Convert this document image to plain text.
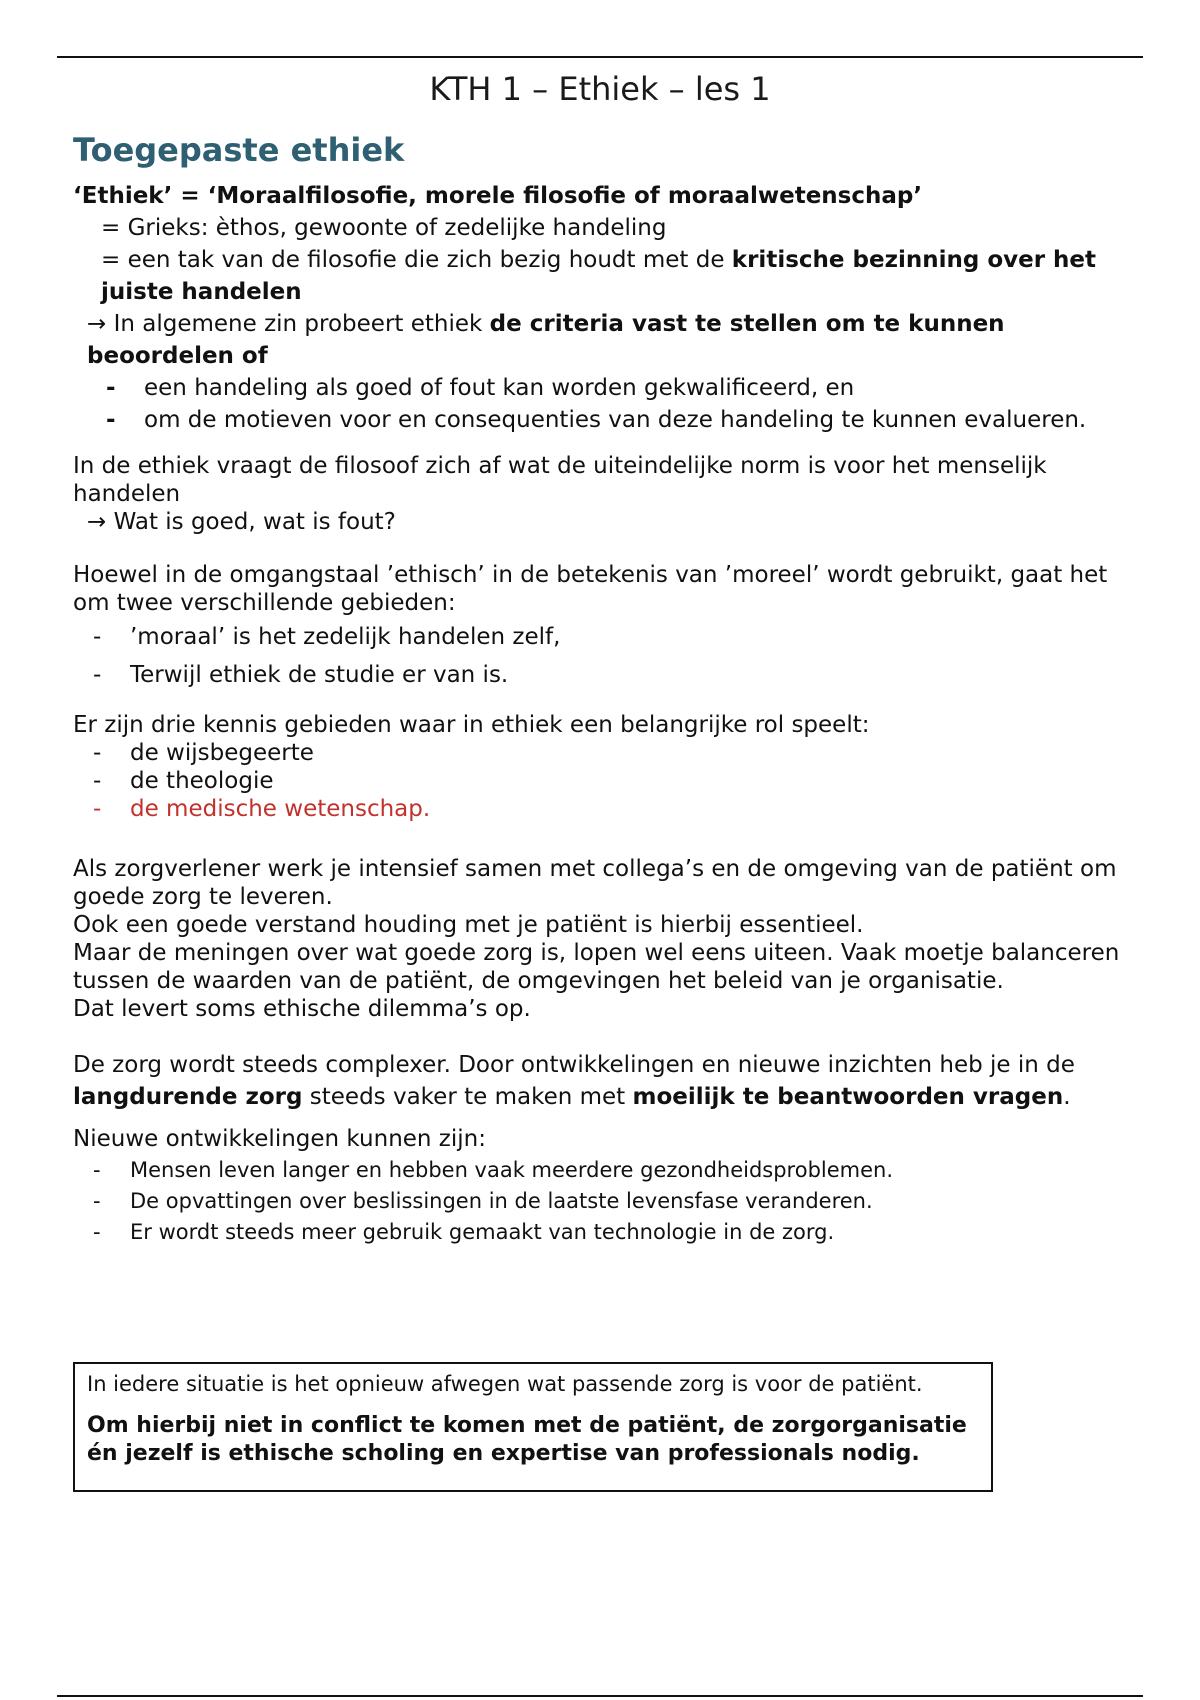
KTH 1 – Ethiek – les 1
Toegepaste ethiek

‘Ethiek’ = ‘Moraalfilosofie, morele filosofie of moraalwetenschap’

= Grieks: èthos, gewoonte of zedelijke handeling

= een tak van de filosofie die zich bezig houdt met de kritische bezinning over het juiste handelen

→ In algemene zin probeert ethiek de criteria vast te stellen om te kunnen beoordelen of

- een handeling als goed of fout kan worden gekwalificeerd, en
- om de motieven voor en consequenties van deze handeling te kunnen evalueren.

In de ethiek vraagt de filosoof zich af wat de uiteindelijke norm is voor het menselijk handelen

→ Wat is goed, wat is fout?

Hoewel in de omgangstaal ’ethisch’ in de betekenis van ’moreel’ wordt gebruikt, gaat het om twee verschillende gebieden:

- ’moraal’ is het zedelijk handelen zelf,
- Terwijl ethiek de studie er van is.

Er zijn drie kennis gebieden waar in ethiek een belangrijke rol speelt:

- de wijsbegeerte
- de theologie
- de medische wetenschap.

Als zorgverlener werk je intensief samen met collega’s en de omgeving van de patiënt om goede zorg te leveren.

Ook een goede verstand houding met je patiënt is hierbij essentieel.

Maar de meningen over wat goede zorg is, lopen wel eens uiteen. Vaak moetje balanceren tussen de waarden van de patiënt, de omgevingen het beleid van je organisatie.

Dat levert soms ethische dilemma’s op.

De zorg wordt steeds complexer. Door ontwikkelingen en nieuwe inzichten heb je in de langdurende zorg steeds vaker te maken met moeilijk te beantwoorden vragen.

Nieuwe ontwikkelingen kunnen zijn:

- Mensen leven langer en hebben vaak meerdere gezondheidsproblemen.
- De opvattingen over beslissingen in de laatste levensfase veranderen.
- Er wordt steeds meer gebruik gemaakt van technologie in de zorg.

In iedere situatie is het opnieuw afwegen wat passende zorg is voor de patiënt.

Om hierbij niet in conflict te komen met de patiënt, de zorgorganisatie én jezelf is ethische scholing en expertise van professionals nodig.
